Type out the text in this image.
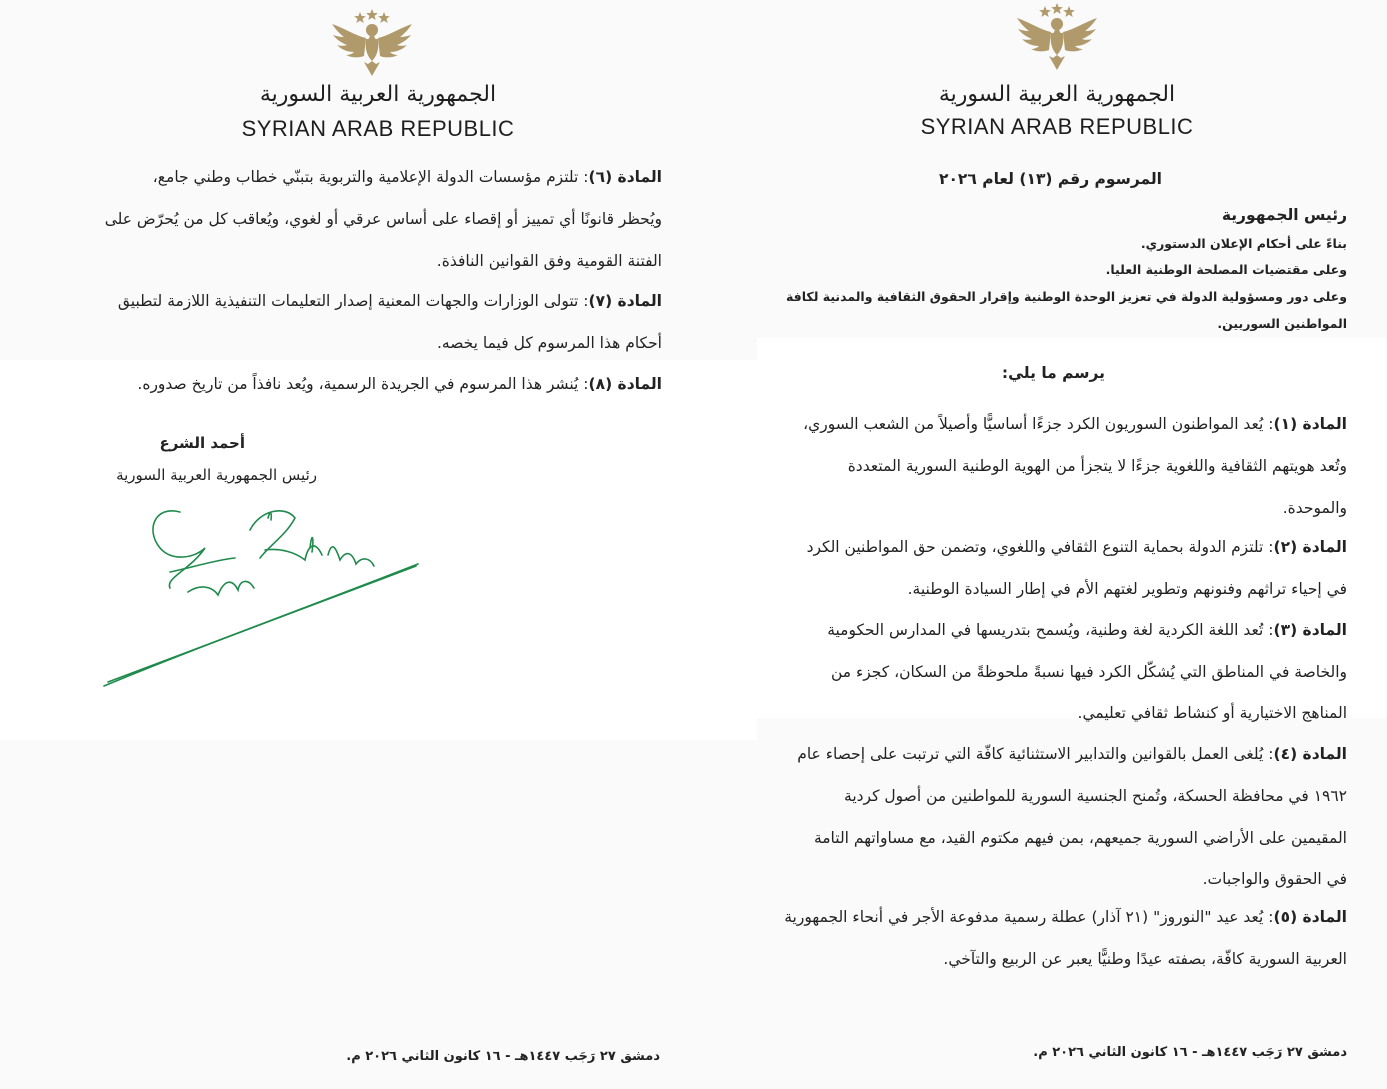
الجمهورية العربية السورية
SYRIAN ARAB REPUBLIC
المادة (٦): تلتزم مؤسسات الدولة الإعلامية والتربوية بتبنّي خطاب وطني جامع،
ويُحظر قانونًا أي تمييز أو إقصاء على أساس عرقي أو لغوي، ويُعاقب كل من يُحرّض على
الفتنة القومية وفق القوانين النافذة.
المادة (٧): تتولى الوزارات والجهات المعنية إصدار التعليمات التنفيذية اللازمة لتطبيق
أحكام هذا المرسوم كل فيما يخصه.
المادة (٨): يُنشر هذا المرسوم في الجريدة الرسمية، ويُعد نافذاً من تاريخ صدوره.
أحمد الشرع
رئيس الجمهورية العربية السورية
دمشق ٢٧ رَجَب ١٤٤٧هـ - ١٦ كانون الثاني ٢٠٢٦ م.
الجمهورية العربية السورية
SYRIAN ARAB REPUBLIC
المرسوم رقم (١٣) لعام ٢٠٢٦
رئيس الجمهورية
بناءً على أحكام الإعلان الدستوري.
وعلى مقتضيات المصلحة الوطنية العليا.
وعلى دور ومسؤولية الدولة في تعزيز الوحدة الوطنية وإقرار الحقوق الثقافية والمدنية لكافة
المواطنين السوريين.
يرسم ما يلي:
المادة (١): يُعد المواطنون السوريون الكرد جزءًا أساسيًّا وأصيلاً من الشعب السوري،
وتُعد هويتهم الثقافية واللغوية جزءًا لا يتجزأ من الهوية الوطنية السورية المتعددة
والموحدة.
المادة (٢): تلتزم الدولة بحماية التنوع الثقافي واللغوي، وتضمن حق المواطنين الكرد
في إحياء تراثهم وفنونهم وتطوير لغتهم الأم في إطار السيادة الوطنية.
المادة (٣): تُعد اللغة الكردية لغة وطنية، ويُسمح بتدريسها في المدارس الحكومية
والخاصة في المناطق التي يُشكّل الكرد فيها نسبةً ملحوظةً من السكان، كجزء من
المناهج الاختيارية أو كنشاط ثقافي تعليمي.
المادة (٤): يُلغى العمل بالقوانين والتدابير الاستثنائية كافّة التي ترتبت على إحصاء عام
١٩٦٢ في محافظة الحسكة، وتُمنح الجنسية السورية للمواطنين من أصول كردية
المقيمين على الأراضي السورية جميعهم، بمن فيهم مكتوم القيد، مع مساواتهم التامة
في الحقوق والواجبات.
المادة (٥): يُعد عيد "النوروز" (٢١ آذار) عطلة رسمية مدفوعة الأجر في أنحاء الجمهورية
العربية السورية كافّة، بصفته عيدًا وطنيًّا يعبر عن الربيع والتآخي.
دمشق ٢٧ رَجَب ١٤٤٧هـ - ١٦ كانون الثاني ٢٠٢٦ م.
